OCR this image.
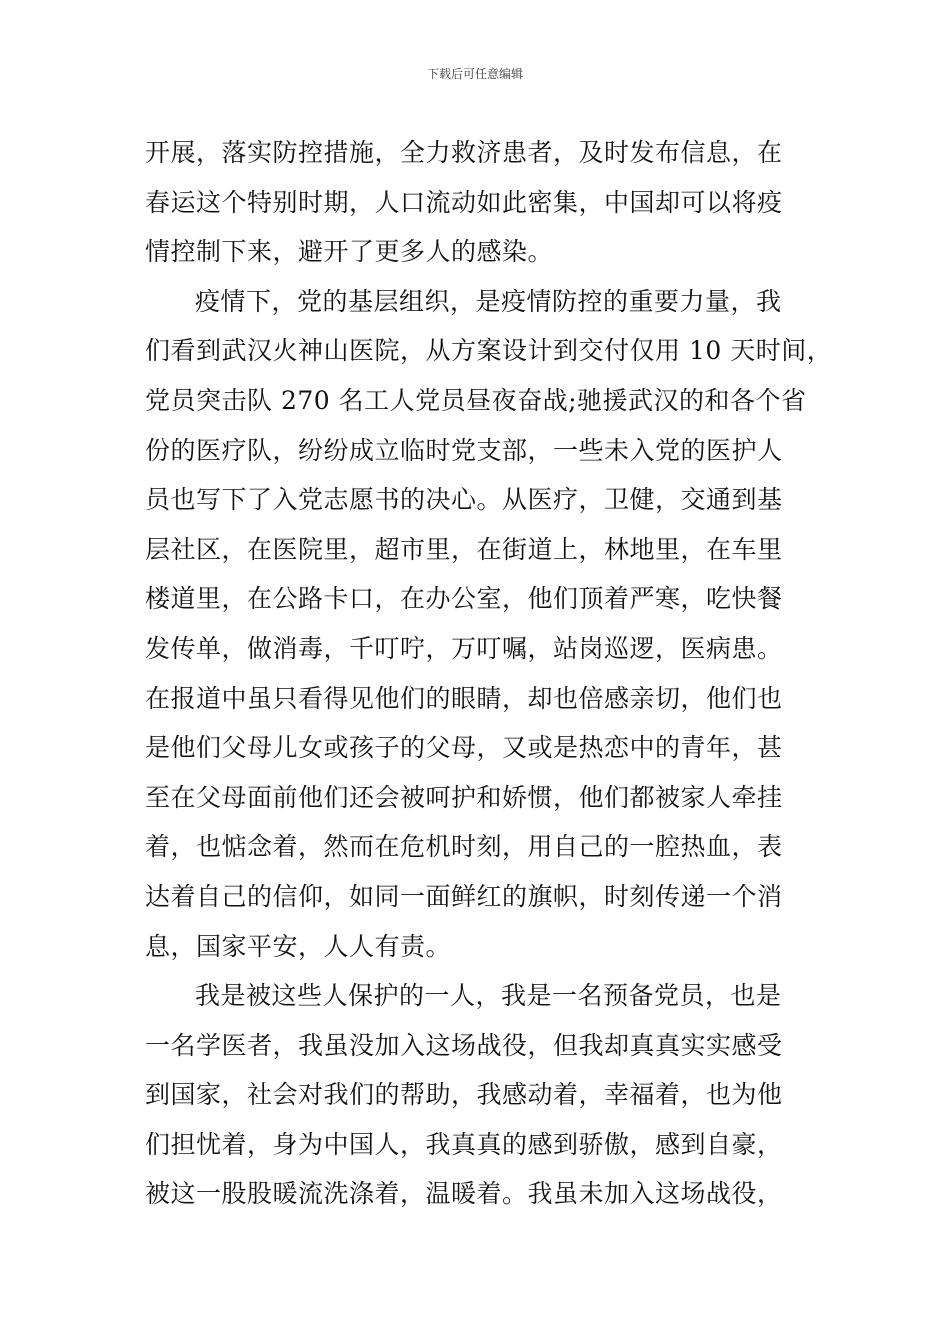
下载后可任意编辑
开展，落实防控措施，全力救济患者，及时发布信息，在
春运这个特别时期，人口流动如此密集，中国却可以将疫
情控制下来，避开了更多人的感染。
疫情下，党的基层组织，是疫情防控的重要力量，我
们看到武汉火神山医院，从方案设计到交付仅用 10 天时间，
党员突击队 270 名工人党员昼夜奋战;驰援武汉的和各个省
份的医疗队，纷纷成立临时党支部，一些未入党的医护人
员也写下了入党志愿书的决心。从医疗，卫健，交通到基
层社区，在医院里，超市里，在街道上，林地里，在车里
楼道里，在公路卡口，在办公室，他们顶着严寒，吃快餐
发传单，做消毒，千叮咛，万叮嘱，站岗巡逻，医病患。
在报道中虽只看得见他们的眼睛，却也倍感亲切，他们也
是他们父母儿女或孩子的父母，又或是热恋中的青年，甚
至在父母面前他们还会被呵护和娇惯，他们都被家人牵挂
着，也惦念着，然而在危机时刻，用自己的一腔热血，表
达着自己的信仰，如同一面鲜红的旗帜，时刻传递一个消
息，国家平安，人人有责。
我是被这些人保护的一人，我是一名预备党员，也是
一名学医者，我虽没加入这场战役，但我却真真实实感受
到国家，社会对我们的帮助，我感动着，幸福着，也为他
们担忧着，身为中国人，我真真的感到骄傲，感到自豪，
被这一股股暖流洗涤着，温暖着。我虽未加入这场战役，
